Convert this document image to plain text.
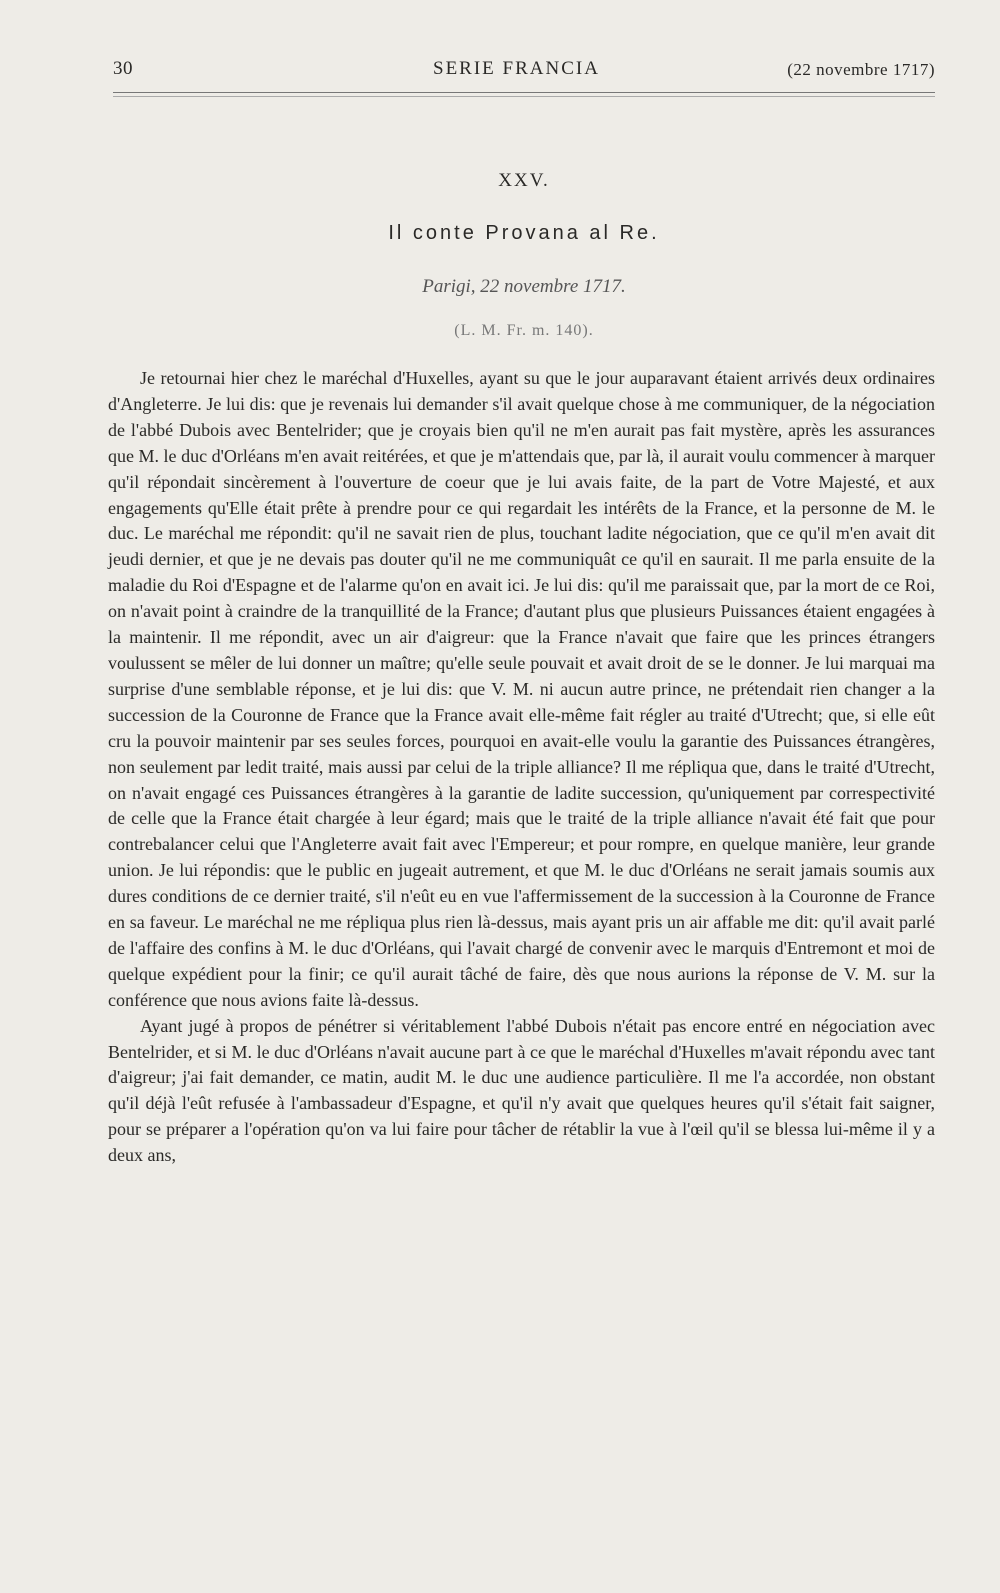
30	SERIE FRANCIA	(22 novembre 1717)
XXV.
Il conte Provana al Re.
Parigi, 22 novembre 1717.
(L. M. Fr. m. 140).

Je retournai hier chez le maréchal d'Huxelles, ayant su que le jour auparavant étaient arrivés deux ordinaires d'Angleterre. Je lui dis: que je revenais lui demander s'il avait quelque chose à me communiquer, de la négociation de l'abbé Dubois avec Bentelrider; que je croyais bien qu'il ne m'en aurait pas fait mystère, après les assurances que M. le duc d'Orléans m'en avait reitérées, et que je m'attendais que, par là, il aurait voulu commencer à marquer qu'il répondait sincèrement à l'ouverture de coeur que je lui avais faite, de la part de Votre Majesté, et aux engagements qu'Elle était prête à prendre pour ce qui regardait les intérêts de la France, et la personne de M. le duc. Le maréchal me répondit: qu'il ne savait rien de plus, touchant ladite négociation, que ce qu'il m'en avait dit jeudi dernier, et que je ne devais pas douter qu'il ne me communiquât ce qu'il en saurait. Il me parla ensuite de la maladie du Roi d'Espagne et de l'alarme qu'on en avait ici. Je lui dis: qu'il me paraissait que, par la mort de ce Roi, on n'avait point à craindre de la tranquillité de la France; d'autant plus que plusieurs Puissances étaient engagées à la maintenir. Il me répondit, avec un air d'aigreur: que la France n'avait que faire que les princes étrangers voulussent se mêler de lui donner un maître; qu'elle seule pouvait et avait droit de se le donner. Je lui marquai ma surprise d'une semblable réponse, et je lui dis: que V. M. ni aucun autre prince, ne prétendait rien changer a la succession de la Couronne de France que la France avait elle-même fait régler au traité d'Utrecht; que, si elle eût cru la pouvoir maintenir par ses seules forces, pourquoi en avait-elle voulu la garantie des Puissances étrangères, non seulement par ledit traité, mais aussi par celui de la triple alliance? Il me répliqua que, dans le traité d'Utrecht, on n'avait engagé ces Puissances étrangères à la garantie de ladite succession, qu'uniquement par correspectivité de celle que la France était chargée à leur égard; mais que le traité de la triple alliance n'avait été fait que pour contrebalancer celui que l'Angleterre avait fait avec l'Empereur; et pour rompre, en quelque manière, leur grande union. Je lui répondis: que le public en jugeait autrement, et que M. le duc d'Orléans ne serait jamais soumis aux dures conditions de ce dernier traité, s'il n'eût eu en vue l'affermissement de la succession à la Couronne de France en sa faveur. Le maréchal ne me répliqua plus rien là-dessus, mais ayant pris un air affable me dit: qu'il avait parlé de l'affaire des confins à M. le duc d'Orléans, qui l'avait chargé de convenir avec le marquis d'Entremont et moi de quelque expédient pour la finir; ce qu'il aurait tâché de faire, dès que nous aurions la réponse de V. M. sur la conférence que nous avions faite là-dessus.

Ayant jugé à propos de pénétrer si véritablement l'abbé Dubois n'était pas encore entré en négociation avec Bentelrider, et si M. le duc d'Orléans n'avait aucune part à ce que le maréchal d'Huxelles m'avait répondu avec tant d'aigreur; j'ai fait demander, ce matin, audit M. le duc une audience particulière. Il me l'a accordée, non obstant qu'il déjà l'eût refusée à l'ambassadeur d'Espagne, et qu'il n'y avait que quelques heures qu'il s'était fait saigner, pour se préparer a l'opération qu'on va lui faire pour tâcher de rétablir la vue à l'œil qu'il se blessa lui-même il y a deux ans,
